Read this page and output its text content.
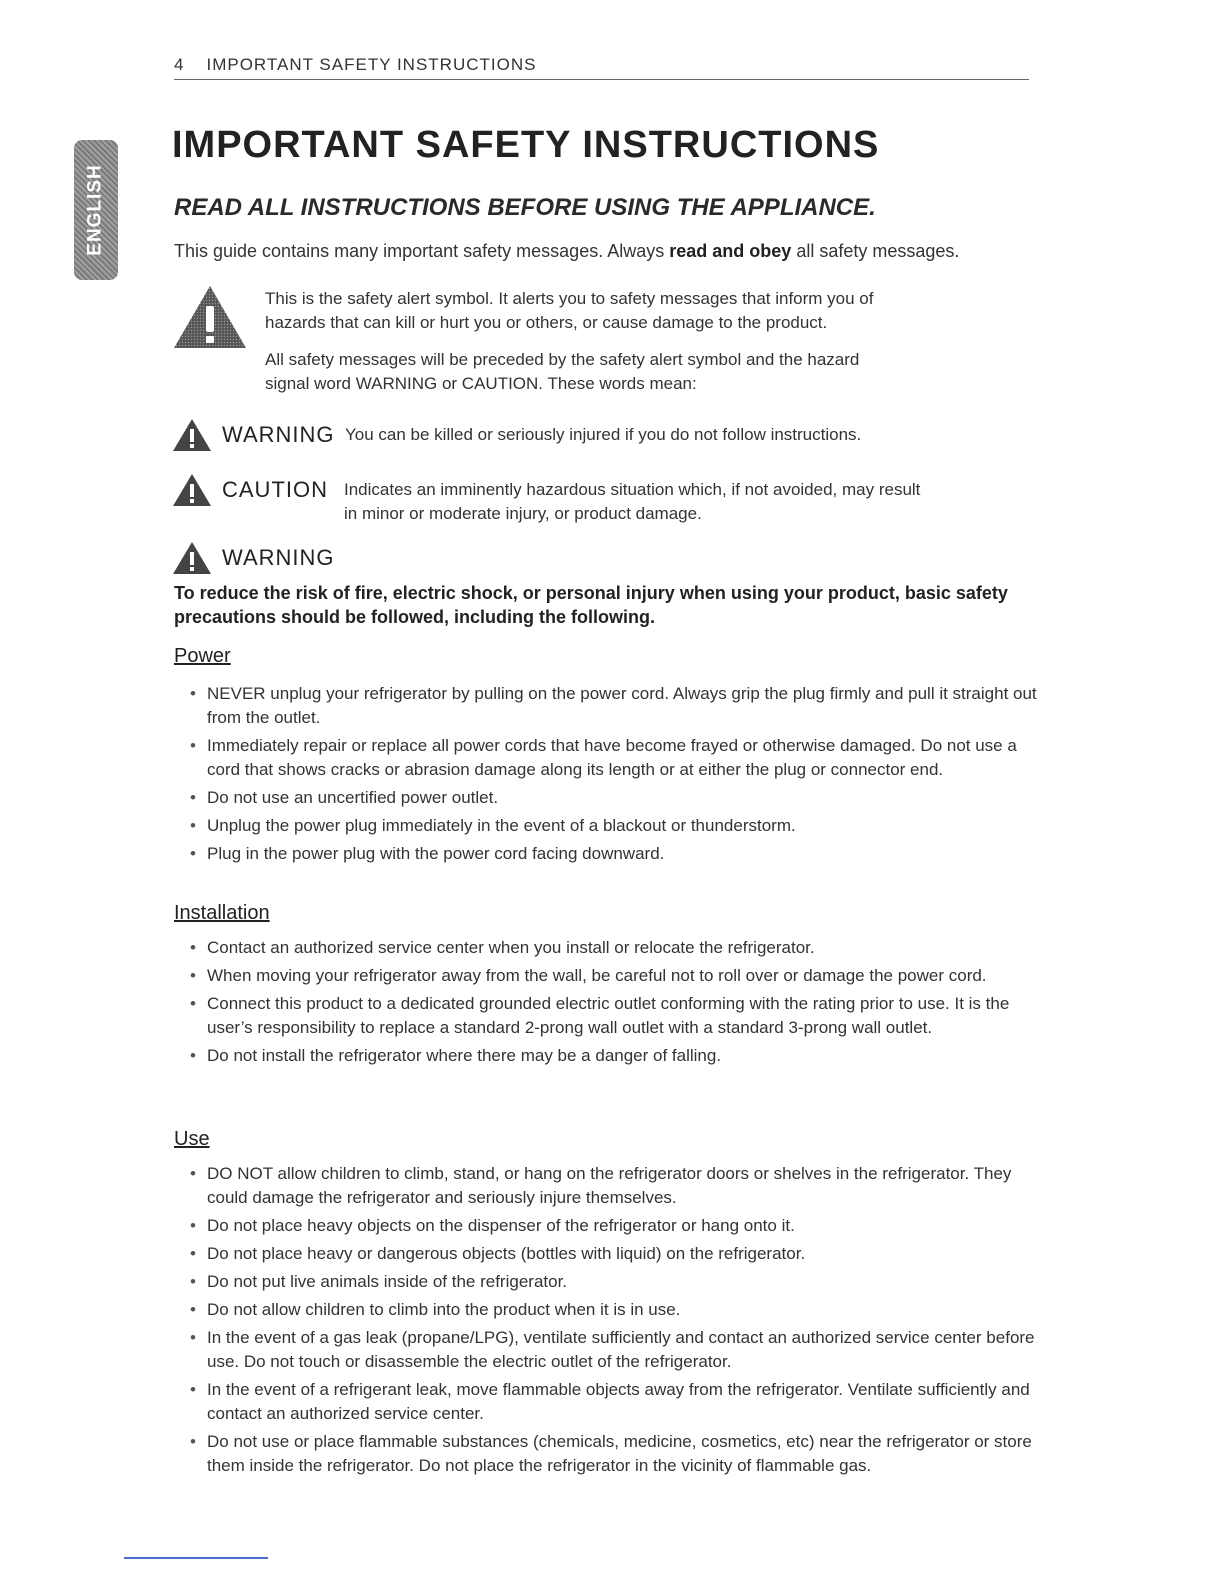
4 IMPORTANT SAFETY INSTRUCTIONS
ENGLISH
IMPORTANT SAFETY INSTRUCTIONS
READ ALL INSTRUCTIONS BEFORE USING THE APPLIANCE.
This guide contains many important safety messages. Always read and obey all safety messages.
This is the safety alert symbol. It alerts you to safety messages that inform you of
hazards that can kill or hurt you or others, or cause damage to the product.
All safety messages will be preceded by the safety alert symbol and the hazard
signal word WARNING or CAUTION. These words mean:
WARNING You can be killed or seriously injured if you do not follow instructions.
CAUTION Indicates an imminently hazardous situation which, if not avoided, may result
in minor or moderate injury, or product damage.
WARNING
To reduce the risk of fire, electric shock, or personal injury when using your product, basic safety precautions should be followed, including the following.
Power
• NEVER unplug your refrigerator by pulling on the power cord. Always grip the plug firmly and pull it straight out from the outlet.
• Immediately repair or replace all power cords that have become frayed or otherwise damaged. Do not use a cord that shows cracks or abrasion damage along its length or at either the plug or connector end.
• Do not use an uncertified power outlet.
• Unplug the power plug immediately in the event of a blackout or thunderstorm.
• Plug in the power plug with the power cord facing downward.
Installation
• Contact an authorized service center when you install or relocate the refrigerator.
• When moving your refrigerator away from the wall, be careful not to roll over or damage the power cord.
• Connect this product to a dedicated grounded electric outlet conforming with the rating prior to use. It is the user’s responsibility to replace a standard 2-prong wall outlet with a standard 3-prong wall outlet.
• Do not install the refrigerator where there may be a danger of falling.
Use
• DO NOT allow children to climb, stand, or hang on the refrigerator doors or shelves in the refrigerator. They could damage the refrigerator and seriously injure themselves.
• Do not place heavy objects on the dispenser of the refrigerator or hang onto it.
• Do not place heavy or dangerous objects (bottles with liquid) on the refrigerator.
• Do not put live animals inside of the refrigerator.
• Do not allow children to climb into the product when it is in use.
• In the event of a gas leak (propane/LPG), ventilate sufficiently and contact an authorized service center before use. Do not touch or disassemble the electric outlet of the refrigerator.
• In the event of a refrigerant leak, move flammable objects away from the refrigerator. Ventilate sufficiently and contact an authorized service center.
• Do not use or place flammable substances (chemicals, medicine, cosmetics, etc) near the refrigerator or store them inside the refrigerator. Do not place the refrigerator in the vicinity of flammable gas.
